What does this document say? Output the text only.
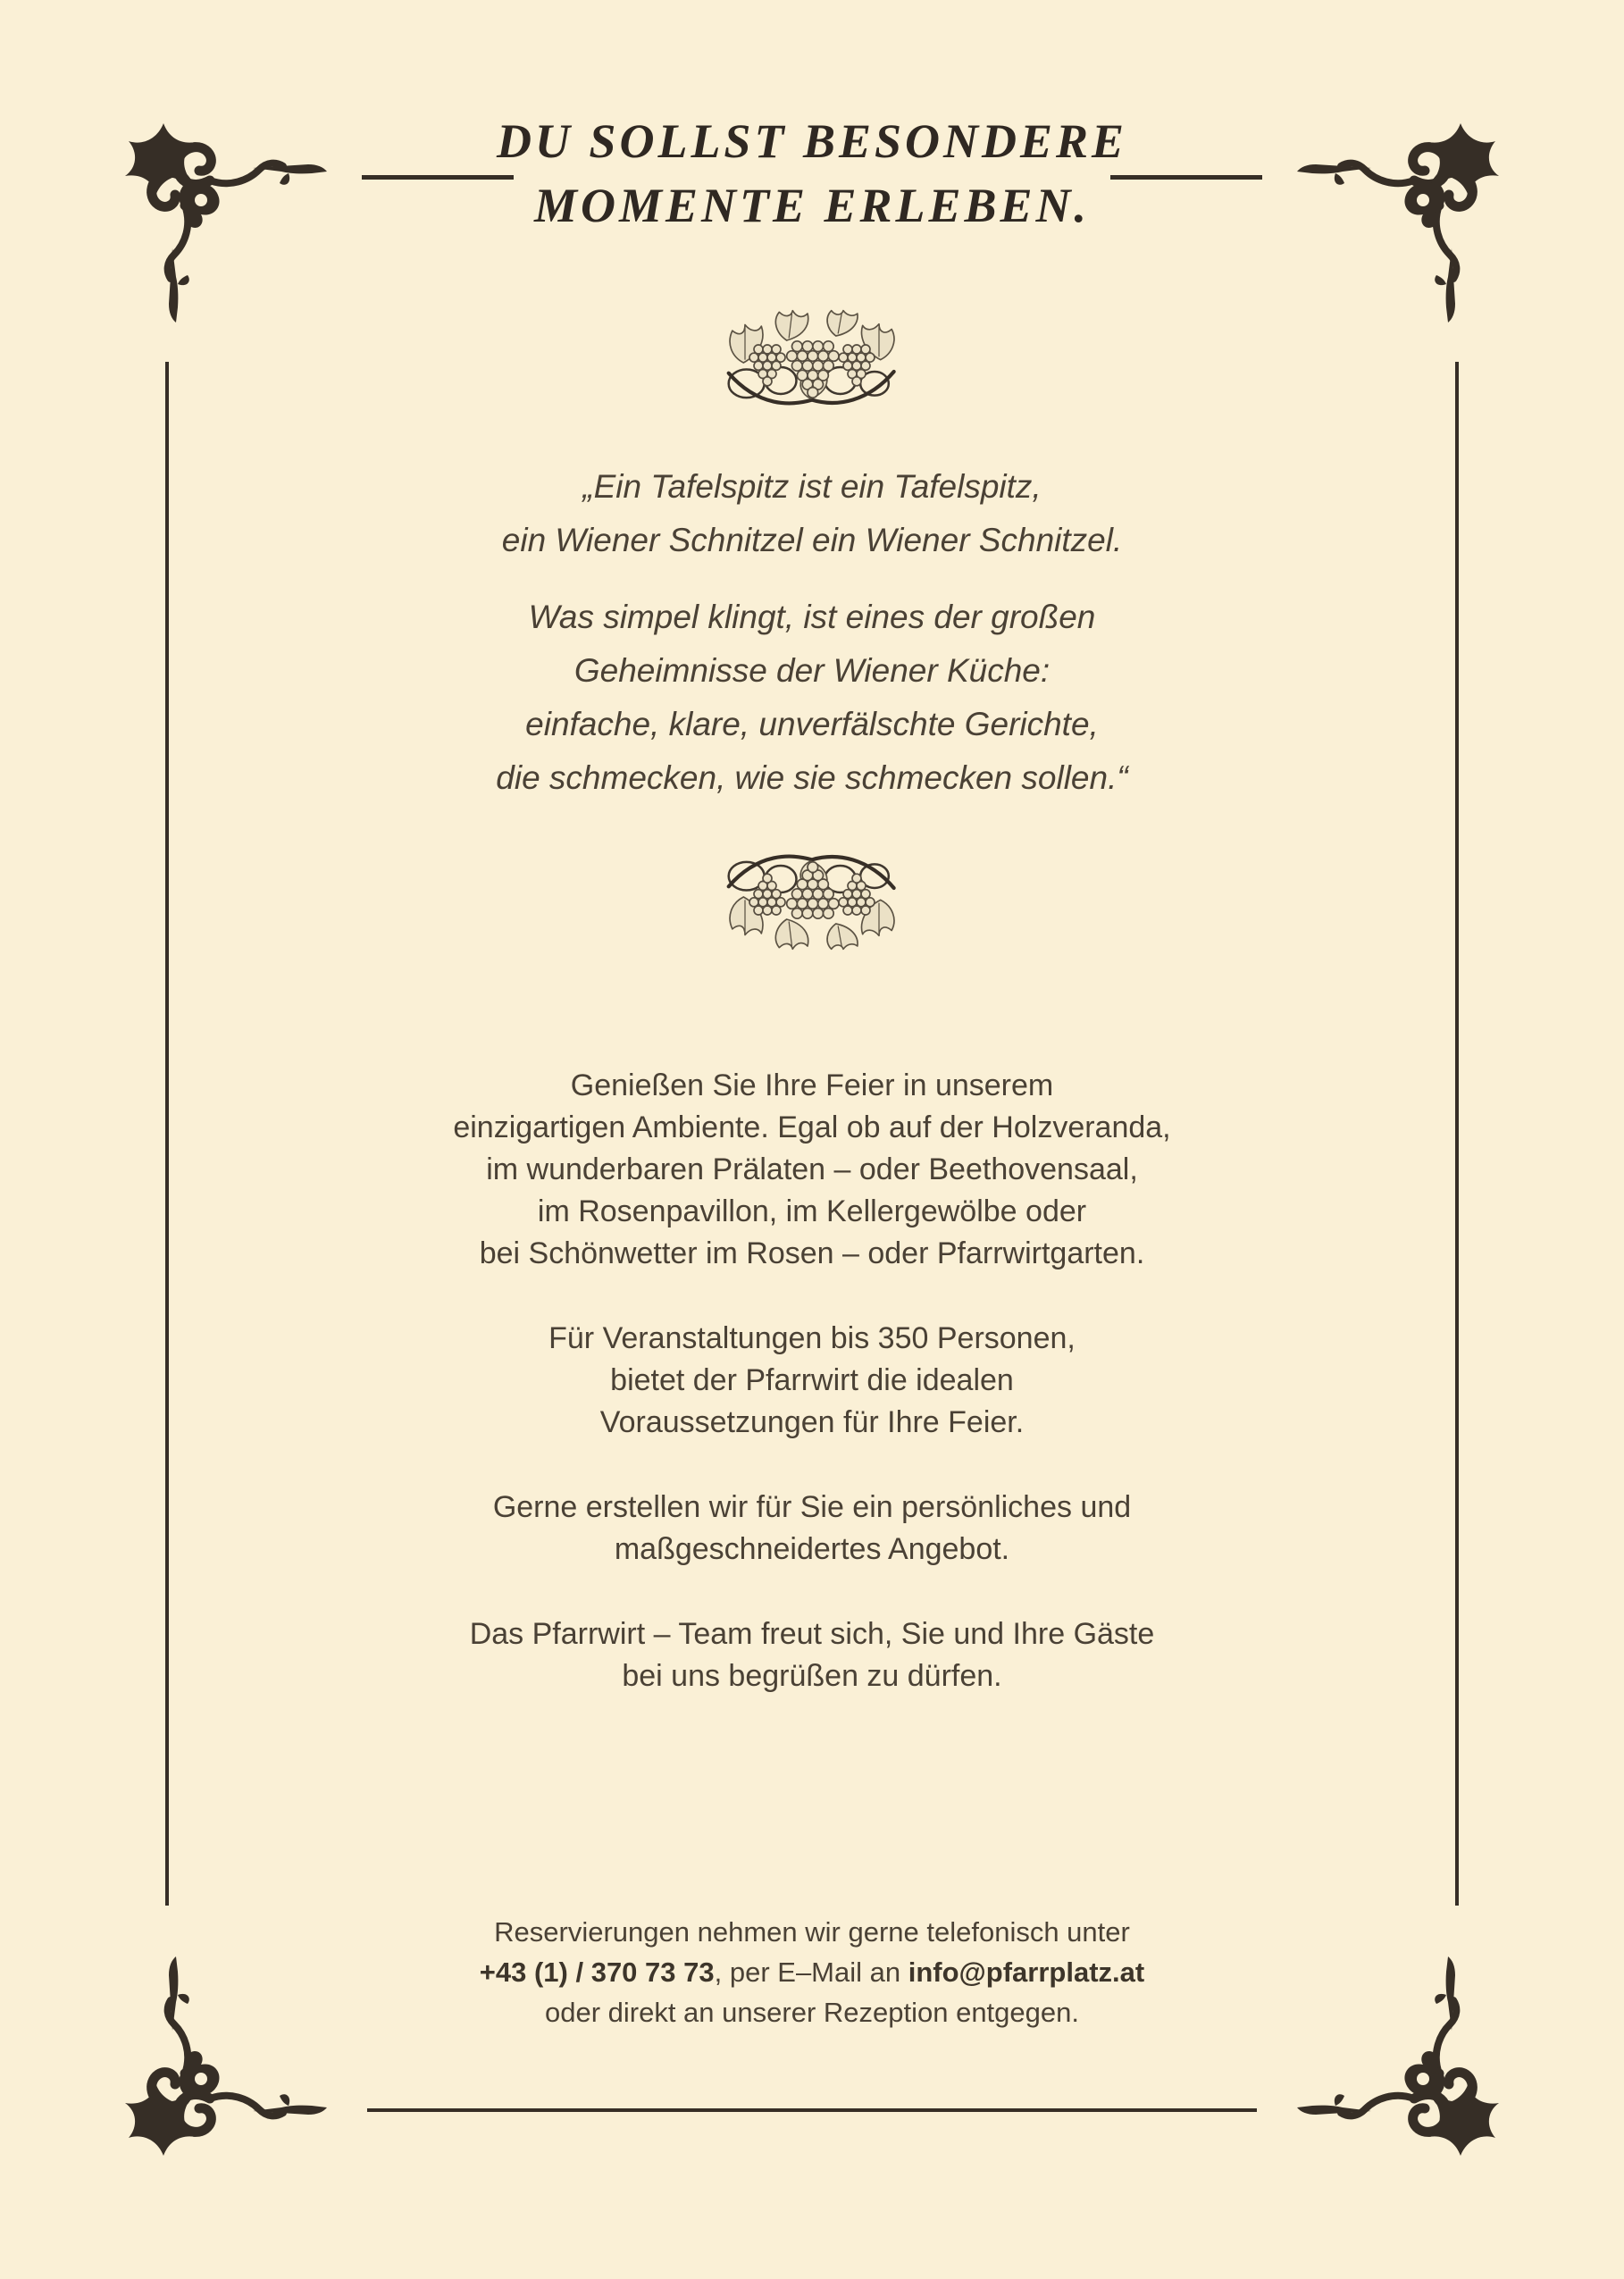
DU SOLLST BESONDERE
MOMENTE ERLEBEN.

„Ein Tafelspitz ist ein Tafelspitz,
ein Wiener Schnitzel ein Wiener Schnitzel.

Was simpel klingt, ist eines der großen
Geheimnisse der Wiener Küche:
einfache, klare, unverfälschte Gerichte,
die schmecken, wie sie schmecken sollen.“

Genießen Sie Ihre Feier in unserem
einzigartigen Ambiente. Egal ob auf der Holzveranda,
im wunderbaren Prälaten – oder Beethovensaal,
im Rosenpavillon, im Kellergewölbe oder
bei Schönwetter im Rosen – oder Pfarrwirtgarten.

Für Veranstaltungen bis 350 Personen,
bietet der Pfarrwirt die idealen
Voraussetzungen für Ihre Feier.

Gerne erstellen wir für Sie ein persönliches und
maßgeschneidertes Angebot.

Das Pfarrwirt – Team freut sich, Sie und Ihre Gäste
bei uns begrüßen zu dürfen.

Reservierungen nehmen wir gerne telefonisch unter
+43 (1) / 370 73 73, per E–Mail an info@pfarrplatz.at
oder direkt an unserer Rezeption entgegen.
